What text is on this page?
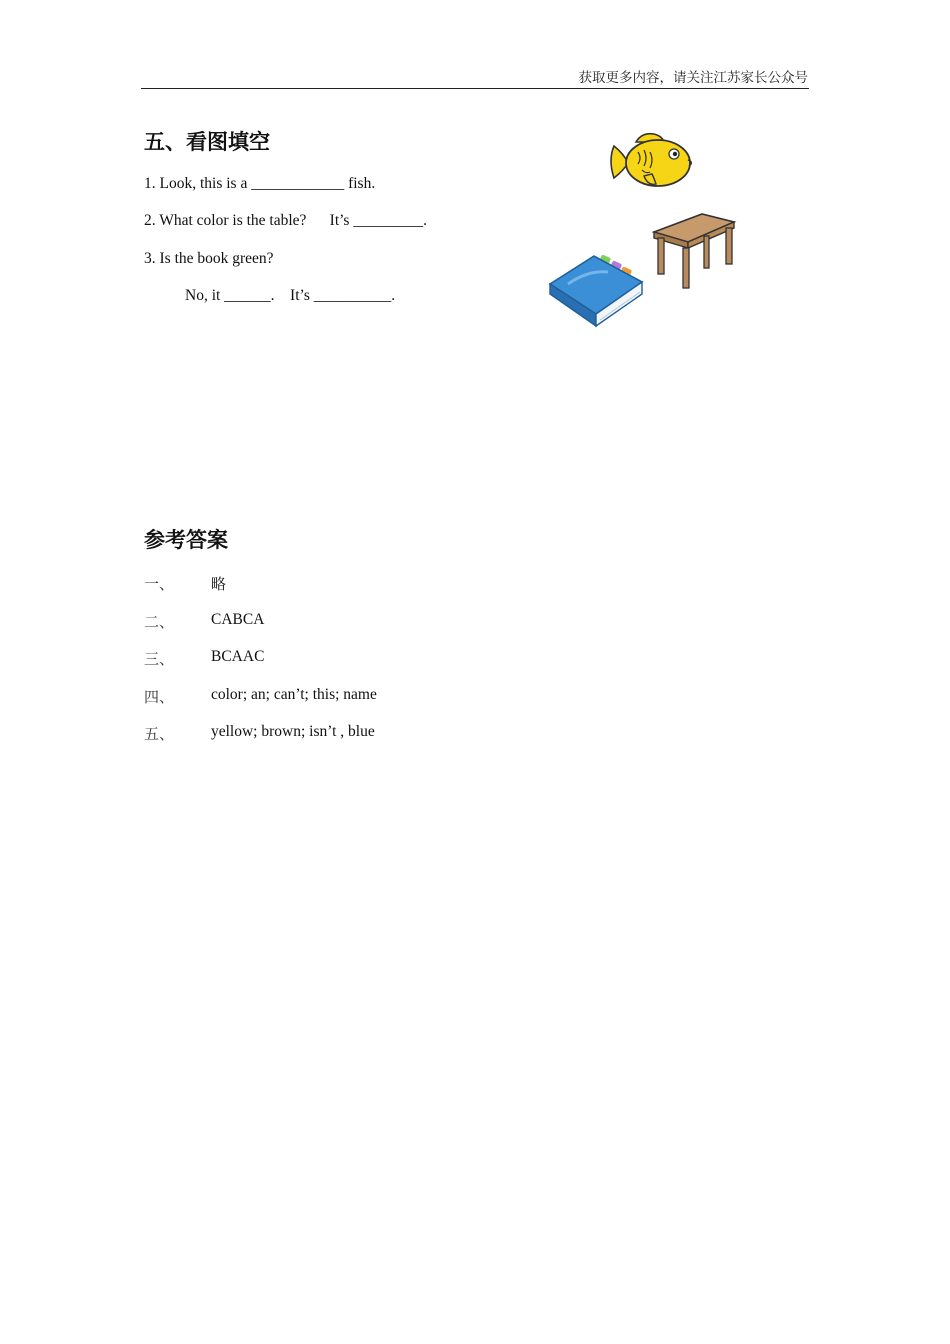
获取更多内容，请关注江苏家长公众号
五、看图填空
1. Look, this is a ____________ fish.
2. What color is the table?      It’s _________.
3. Is the book green?
No, it ______.    It’s __________.
参考答案
一、 略
二、 CABCA
三、 BCAAC
四、 color; an; can’t; this; name
五、 yellow; brown; isn’t , blue
